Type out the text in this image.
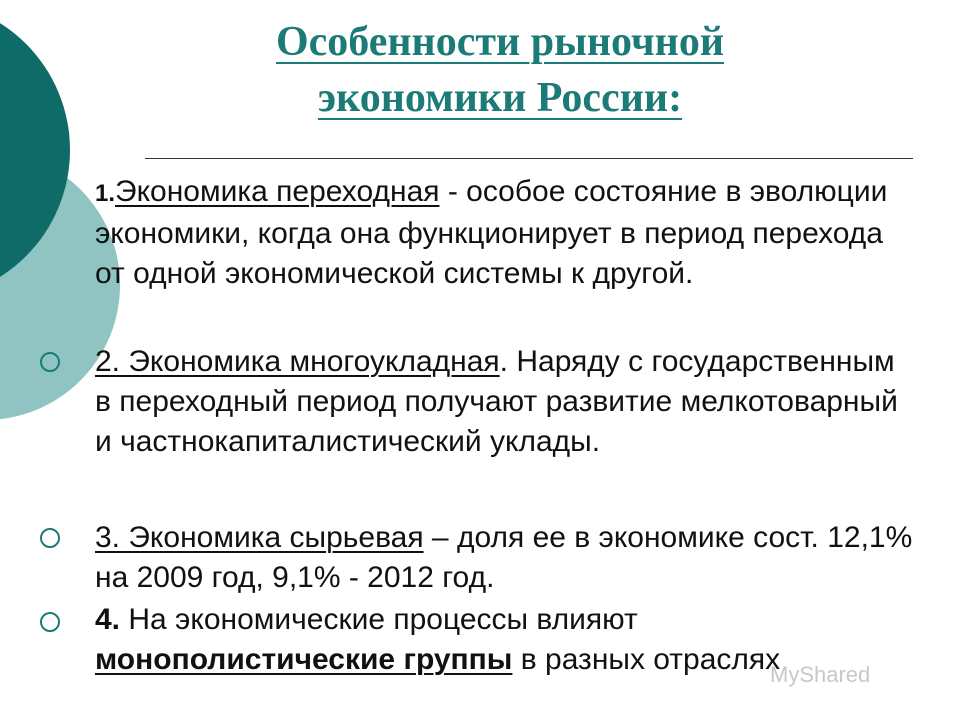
Особенности рыночной
экономики России:
1.Экономика переходная - особое состояние в эволюции экономики, когда она функционирует в период перехода от одной экономической системы к другой.
2. Экономика многоукладная. Наряду с государственным в переходный период получают развитие мелкотоварный и частнокапиталистический уклады.
3. Экономика сырьевая – доля ее в экономике сост. 12,1% на 2009 год, 9,1% - 2012 год.
4. На экономические процессы влияют монополистические группы в разных отраслях
MyShared
